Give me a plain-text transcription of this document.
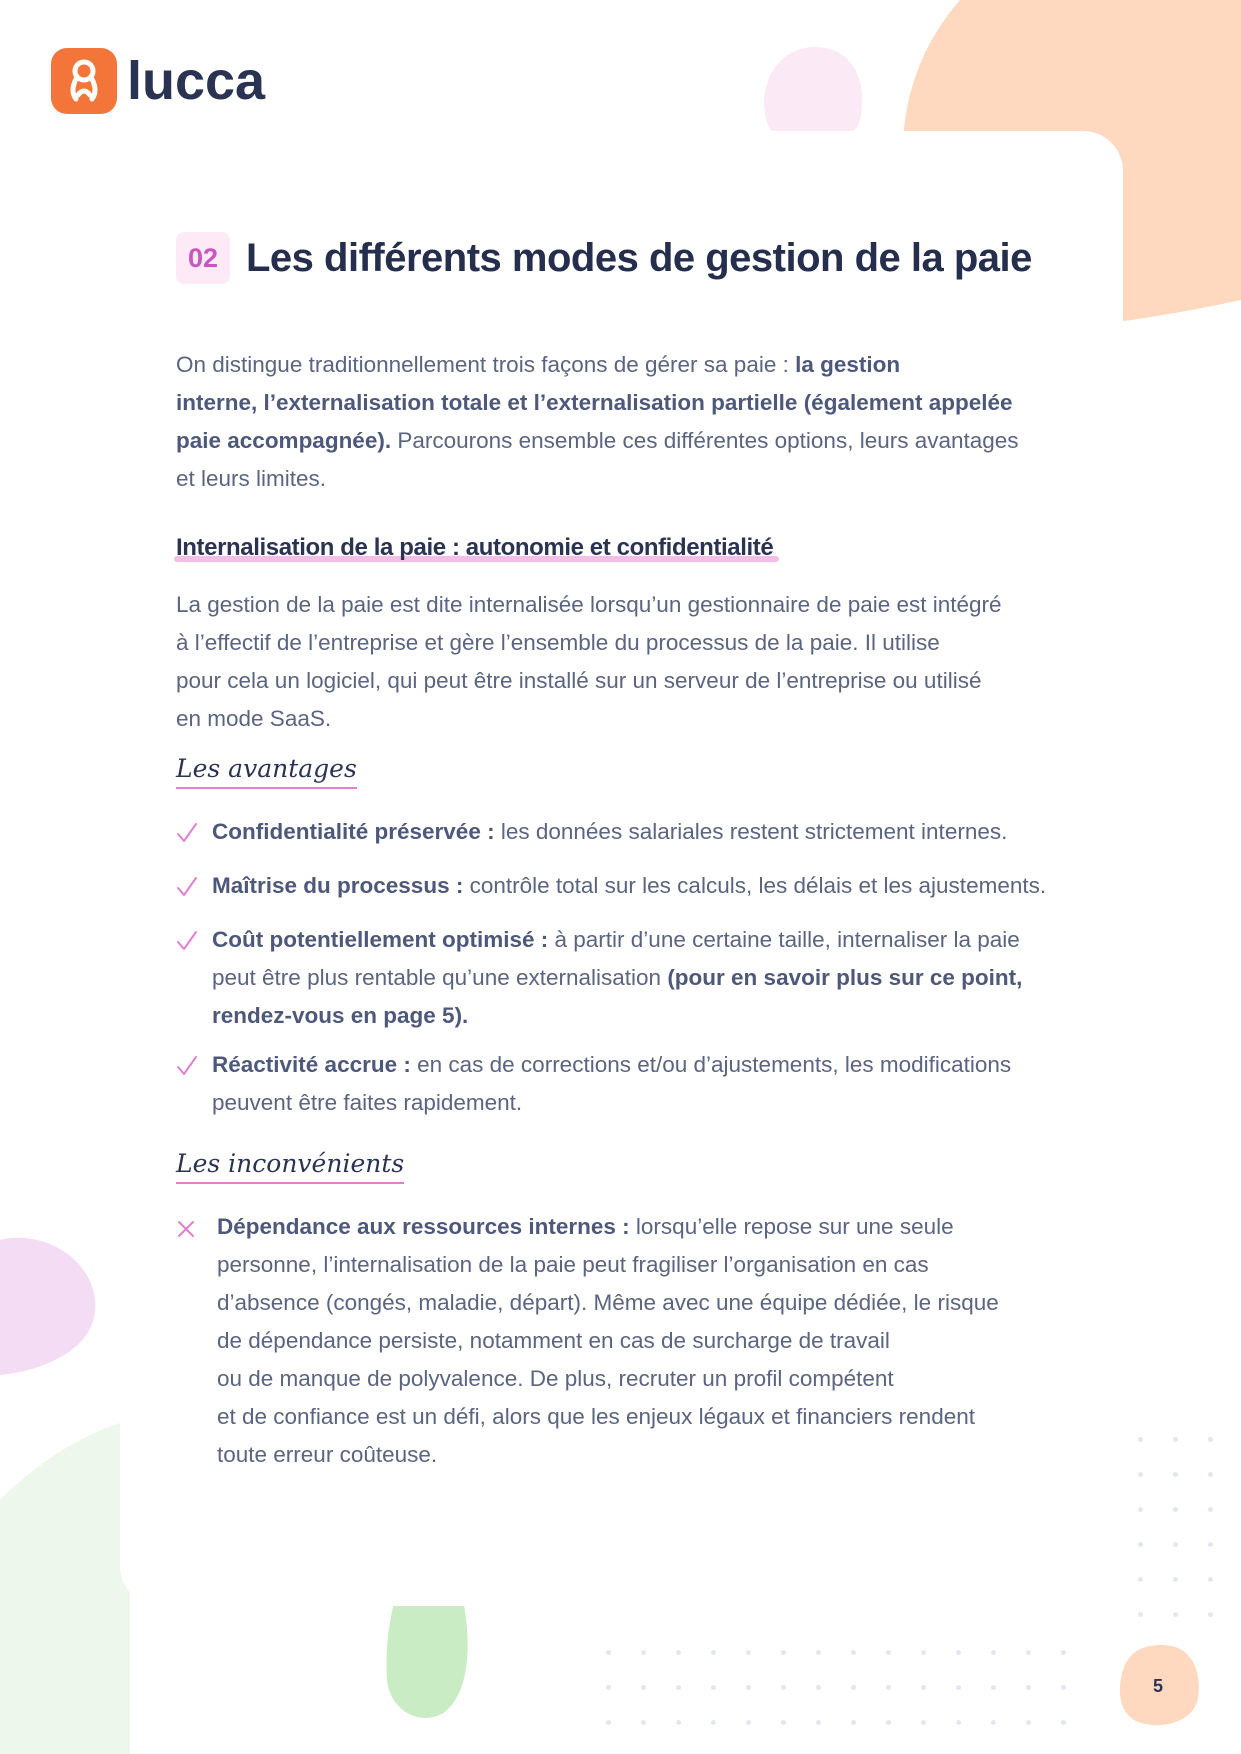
lucca
02 Les différents modes de gestion de la paie
On distingue traditionnellement trois façons de gérer sa paie : la gestion
interne, l’externalisation totale et l’externalisation partielle (également appelée
paie accompagnée). Parcourons ensemble ces différentes options, leurs avantages
et leurs limites.
Internalisation de la paie : autonomie et confidentialité
La gestion de la paie est dite internalisée lorsqu’un gestionnaire de paie est intégré
à l’effectif de l’entreprise et gère l’ensemble du processus de la paie. Il utilise
pour cela un logiciel, qui peut être installé sur un serveur de l’entreprise ou utilisé
en mode SaaS.
Les avantages
Confidentialité préservée : les données salariales restent strictement internes.
Maîtrise du processus : contrôle total sur les calculs, les délais et les ajustements.
Coût potentiellement optimisé : à partir d’une certaine taille, internaliser la paie
peut être plus rentable qu’une externalisation (pour en savoir plus sur ce point,
rendez-vous en page 5).
Réactivité accrue : en cas de corrections et/ou d’ajustements, les modifications
peuvent être faites rapidement.
Les inconvénients
Dépendance aux ressources internes : lorsqu’elle repose sur une seule
personne, l’internalisation de la paie peut fragiliser l’organisation en cas
d’absence (congés, maladie, départ). Même avec une équipe dédiée, le risque
de dépendance persiste, notamment en cas de surcharge de travail
ou de manque de polyvalence. De plus, recruter un profil compétent
et de confiance est un défi, alors que les enjeux légaux et financiers rendent
toute erreur coûteuse.
5
